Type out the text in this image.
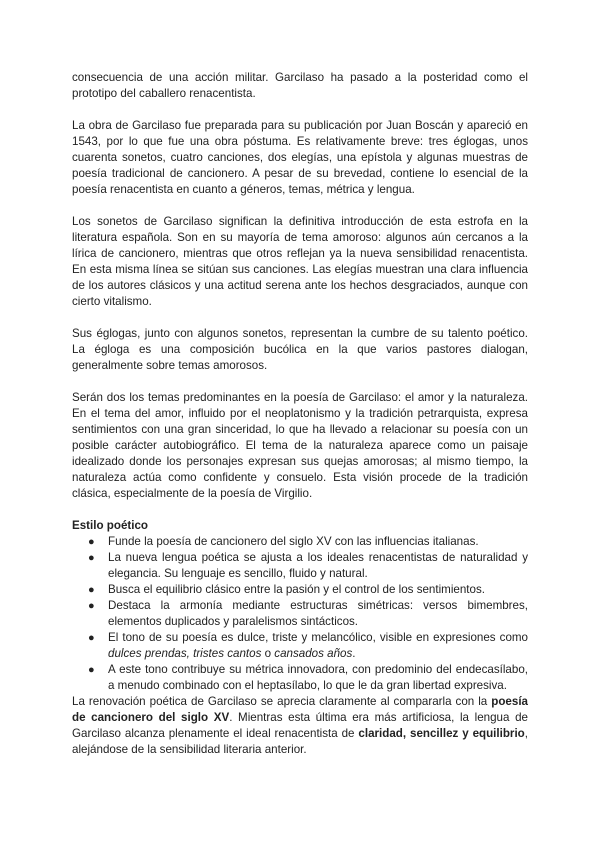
consecuencia de una acción militar. Garcilaso ha pasado a la posteridad como el prototipo del caballero renacentista.

La obra de Garcilaso fue preparada para su publicación por Juan Boscán y apareció en 1543, por lo que fue una obra póstuma. Es relativamente breve: tres églogas, unos cuarenta sonetos, cuatro canciones, dos elegías, una epístola y algunas muestras de poesía tradicional de cancionero. A pesar de su brevedad, contiene lo esencial de la poesía renacentista en cuanto a géneros, temas, métrica y lengua.

Los sonetos de Garcilaso significan la definitiva introducción de esta estrofa en la literatura española. Son en su mayoría de tema amoroso: algunos aún cercanos a la lírica de cancionero, mientras que otros reflejan ya la nueva sensibilidad renacentista. En esta misma línea se sitúan sus canciones. Las elegías muestran una clara influencia de los autores clásicos y una actitud serena ante los hechos desgraciados, aunque con cierto vitalismo.

Sus églogas, junto con algunos sonetos, representan la cumbre de su talento poético. La égloga es una composición bucólica en la que varios pastores dialogan, generalmente sobre temas amorosos.

Serán dos los temas predominantes en la poesía de Garcilaso: el amor y la naturaleza. En el tema del amor, influido por el neoplatonismo y la tradición petrarquista, expresa sentimientos con una gran sinceridad, lo que ha llevado a relacionar su poesía con un posible carácter autobiográfico. El tema de la naturaleza aparece como un paisaje idealizado donde los personajes expresan sus quejas amorosas; al mismo tiempo, la naturaleza actúa como confidente y consuelo. Esta visión procede de la tradición clásica, especialmente de la poesía de Virgilio.

Estilo poético

● Funde la poesía de cancionero del siglo XV con las influencias italianas.
● La nueva lengua poética se ajusta a los ideales renacentistas de naturalidad y elegancia. Su lenguaje es sencillo, fluido y natural.
● Busca el equilibrio clásico entre la pasión y el control de los sentimientos.
● Destaca la armonía mediante estructuras simétricas: versos bimembres, elementos duplicados y paralelismos sintácticos.
● El tono de su poesía es dulce, triste y melancólico, visible en expresiones como dulces prendas, tristes cantos o cansados años.
● A este tono contribuye su métrica innovadora, con predominio del endecasílabo, a menudo combinado con el heptasílabo, lo que le da gran libertad expresiva.

La renovación poética de Garcilaso se aprecia claramente al compararla con la poesía de cancionero del siglo XV. Mientras esta última era más artificiosa, la lengua de Garcilaso alcanza plenamente el ideal renacentista de claridad, sencillez y equilibrio, alejándose de la sensibilidad literaria anterior.
